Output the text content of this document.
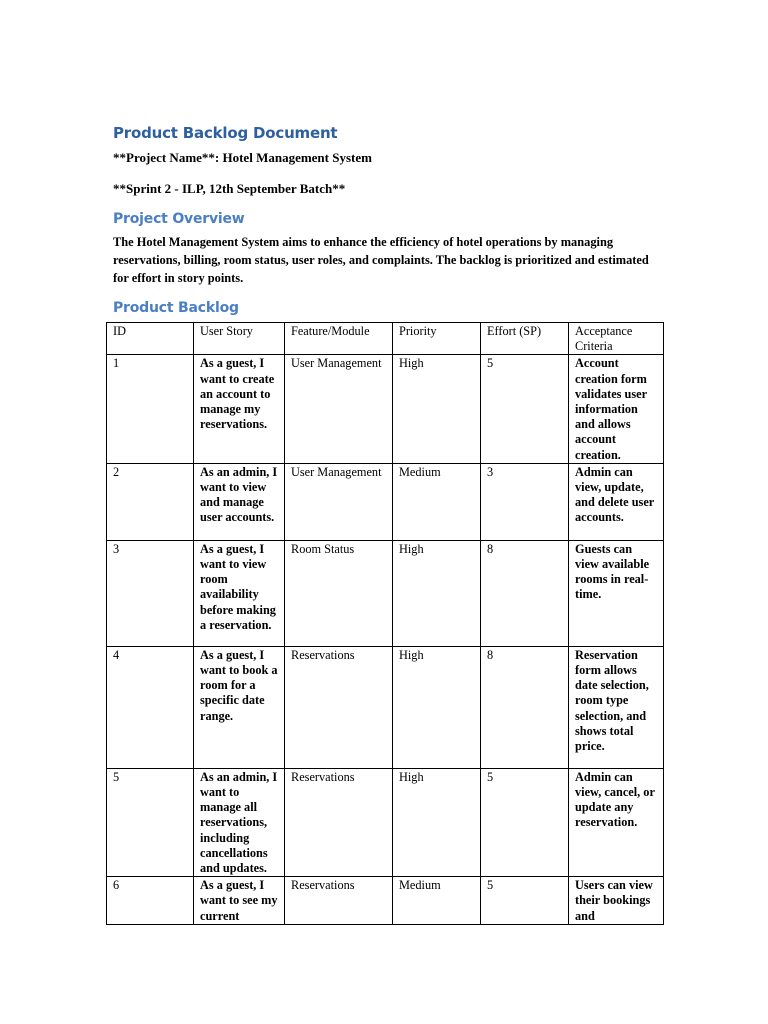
Product Backlog Document

**Project Name**: Hotel Management System

**Sprint 2 - ILP, 12th September Batch**

Project Overview

The Hotel Management System aims to enhance the efficiency of hotel operations by managing reservations, billing, room status, user roles, and complaints. The backlog is prioritized and estimated for effort in story points.

Product Backlog
ID	User Story	Feature/Module	Priority	Effort (SP)	Acceptance Criteria
1	As a guest, I want to create an account to manage my reservations.	User Management	High	5	Account creation form validates user information and allows account creation.
2	As an admin, I want to view and manage user accounts.	User Management	Medium	3	Admin can view, update, and delete user accounts.
3	As a guest, I want to view room availability before making a reservation.	Room Status	High	8	Guests can view available rooms in real-time.
4	As a guest, I want to book a room for a specific date range.	Reservations	High	8	Reservation form allows date selection, room type selection, and shows total price.
5	As an admin, I want to manage all reservations, including cancellations and updates.	Reservations	High	5	Admin can view, cancel, or update any reservation.
6	As a guest, I want to see my current	Reservations	Medium	5	Users can view their bookings and
